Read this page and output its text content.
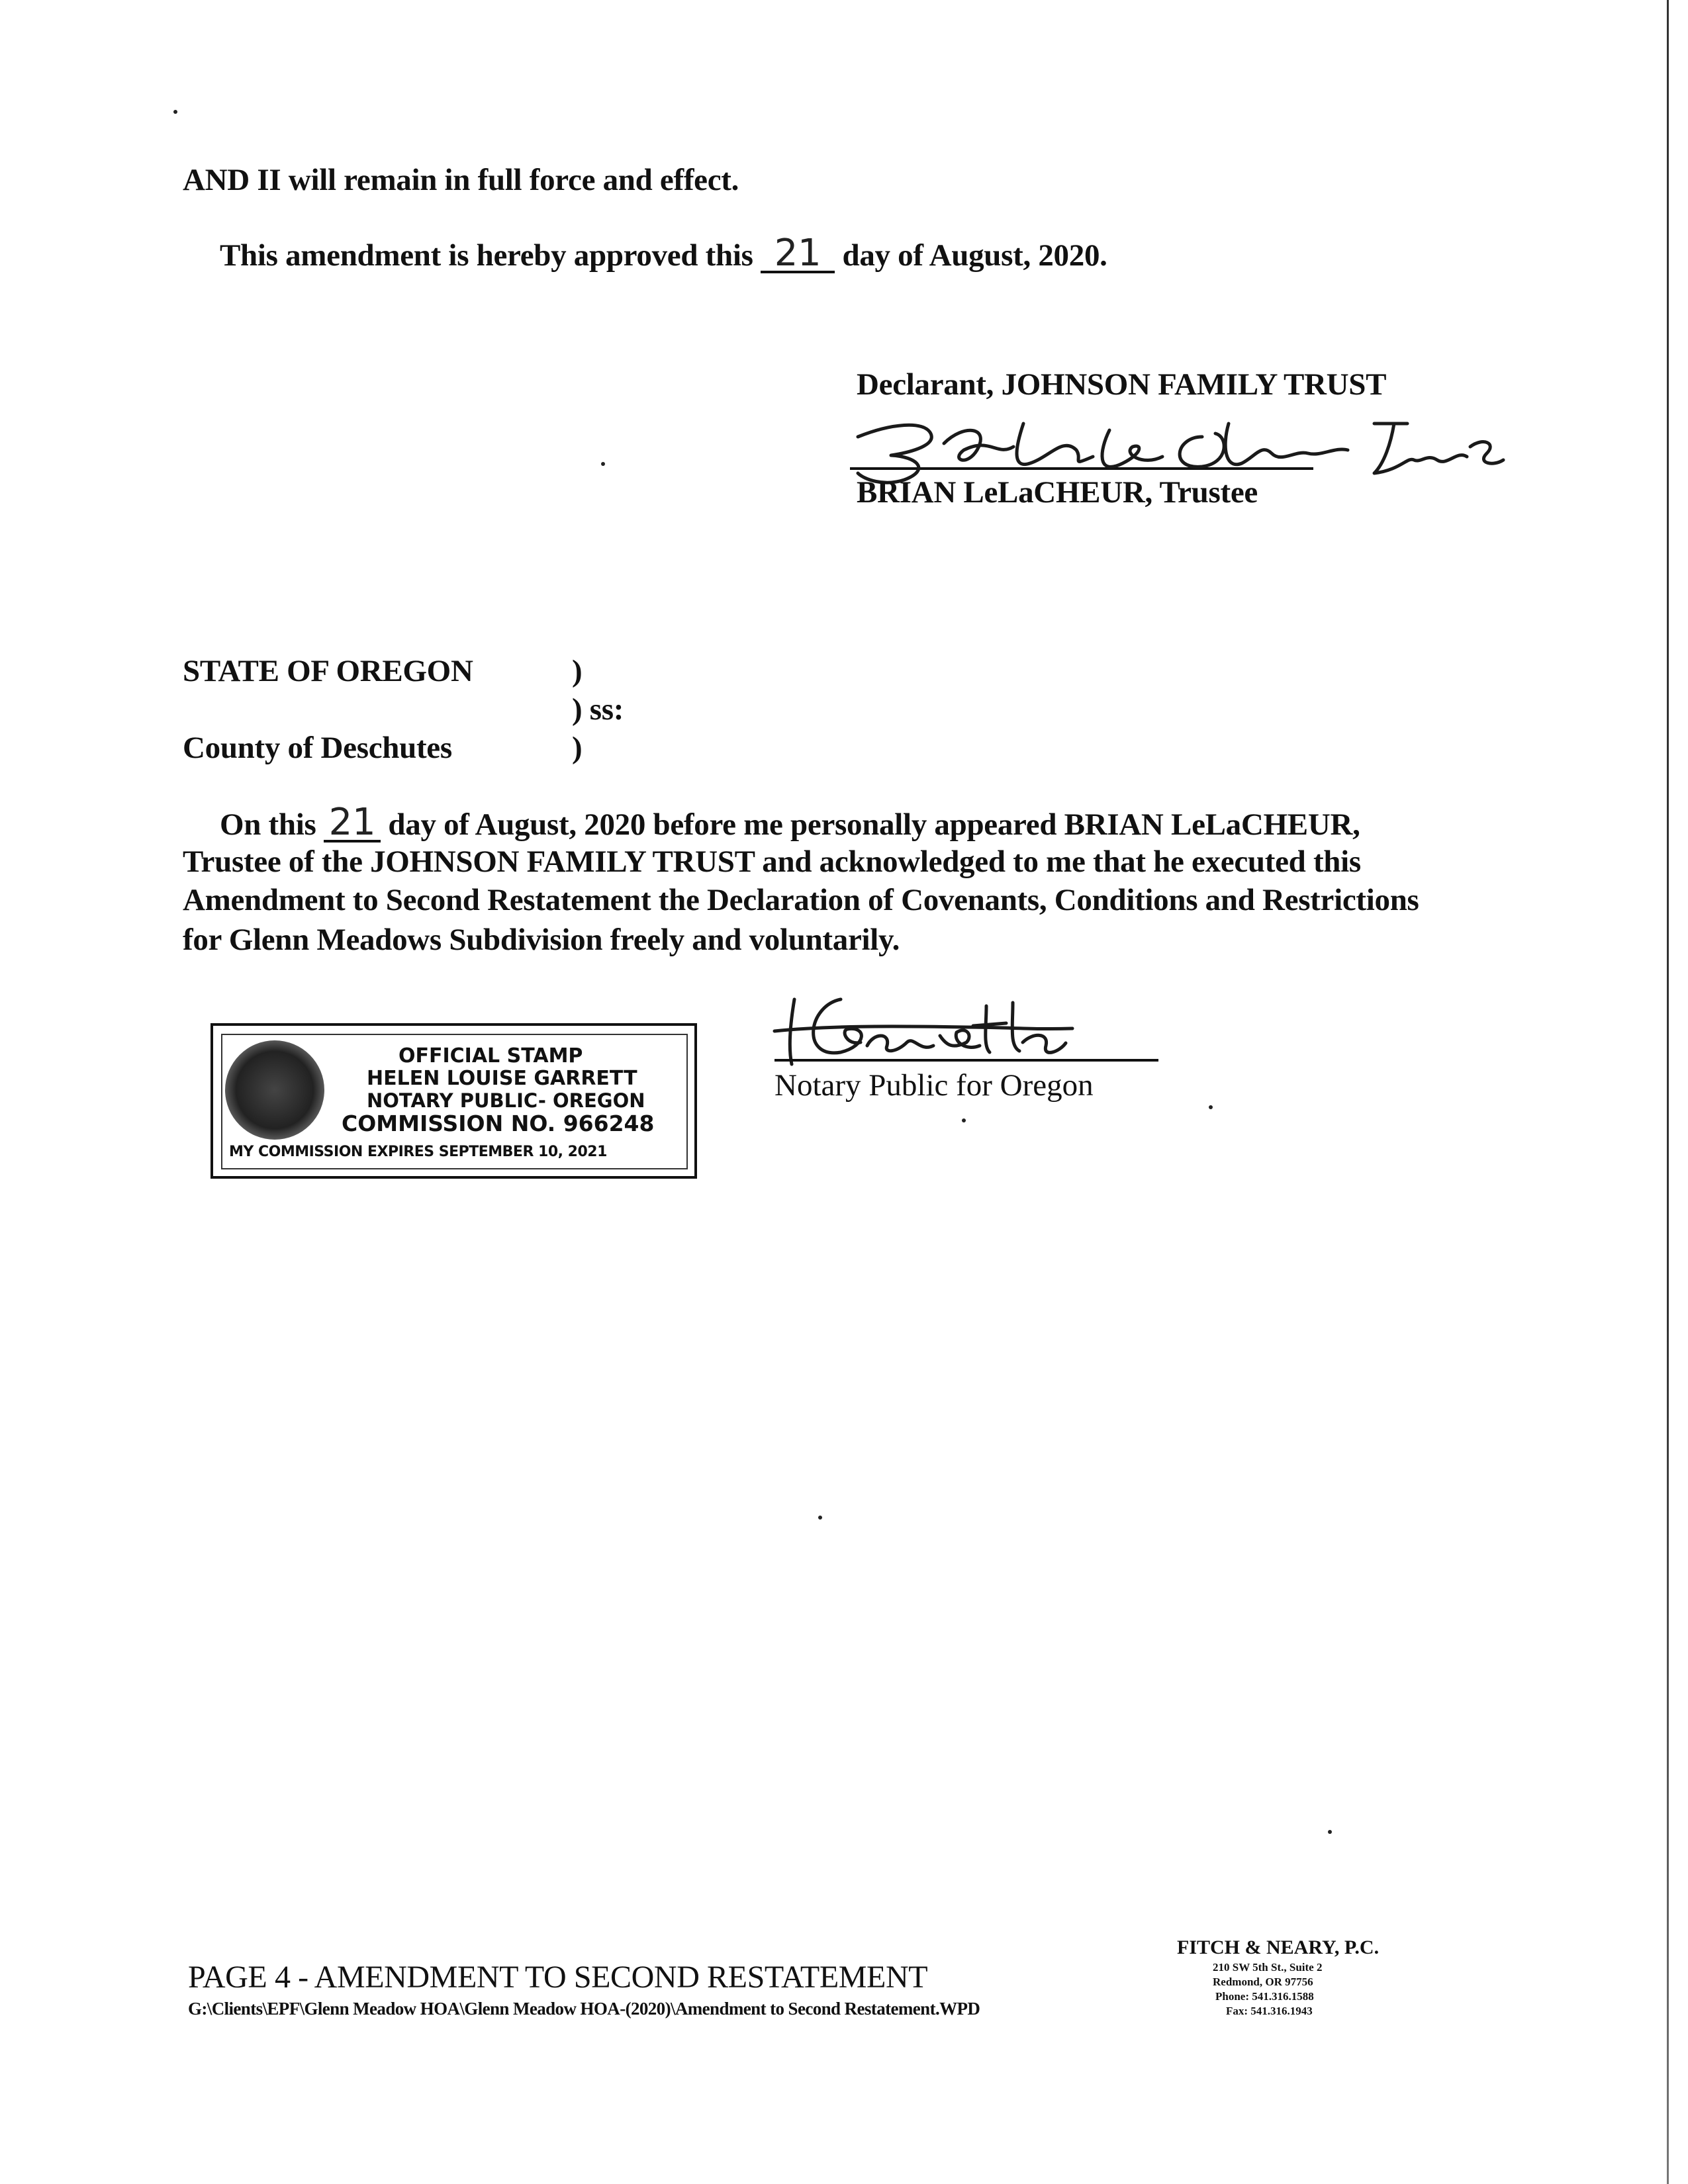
AND II will remain in full force and effect.
This amendment is hereby approved this 21 day of August, 2020.
Declarant, JOHNSON FAMILY TRUST
Brian LeLaCheur Trustee
BRIAN LeLaCHEUR, Trustee
STATE OF OREGON	)
) ss:
County of Deschutes	)
On this 21 day of August, 2020 before me personally appeared BRIAN LeLaCHEUR,
Trustee of the JOHNSON FAMILY TRUST and acknowledged to me that he executed this
Amendment to Second Restatement the Declaration of Covenants, Conditions and Restrictions
for Glenn Meadows Subdivision freely and voluntarily.
OFFICIAL STAMP
HELEN LOUISE GARRETT
NOTARY PUBLIC- OREGON
COMMISSION NO. 966248
MY COMMISSION EXPIRES SEPTEMBER 10, 2021
HGarrett
Notary Public for Oregon
PAGE 4 - AMENDMENT TO SECOND RESTATEMENT
G:\Clients\EPF\Glenn Meadow HOA\Glenn Meadow HOA-(2020)\Amendment to Second Restatement.WPD
FITCH & NEARY, P.C.
210 SW 5th St., Suite 2
Redmond, OR 97756
Phone: 541.316.1588
Fax: 541.316.1943
